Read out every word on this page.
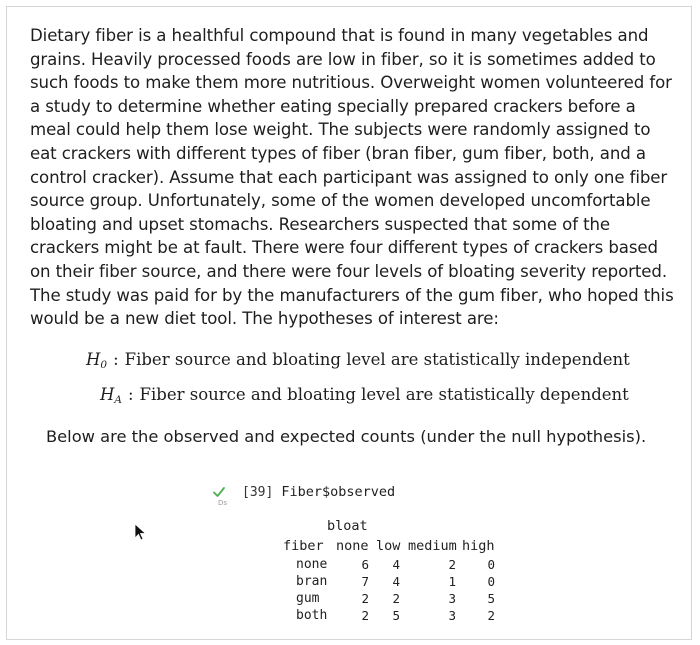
Dietary fiber is a healthful compound that is found in many vegetables and grains. Heavily processed foods are low in fiber, so it is sometimes added to such foods to make them more nutritious. Overweight women volunteered for a study to determine whether eating specially prepared crackers before a meal could help them lose weight. The subjects were randomly assigned to eat crackers with different types of fiber (bran fiber, gum fiber, both, and a control cracker). Assume that each participant was assigned to only one fiber source group. Unfortunately, some of the women developed uncomfortable bloating and upset stomachs. Researchers suspected that some of the crackers might be at fault. There were four different types of crackers based on their fiber source, and there were four levels of bloating severity reported. The study was paid for by the manufacturers of the gum fiber, who hoped this would be a new diet tool. The hypotheses of interest are:

$H_0$ : Fiber source and bloating level are statistically independent
$H_A$ : Fiber source and bloating level are statistically dependent
Below are the observed and expected counts (under the null hypothesis).
[39] Fiber$observed
Ds
bloat
fiber none low medium high
none	6	4	2	0
bran	7	4	1	0
gum	2	2	3	5
both	2	5	3	2
